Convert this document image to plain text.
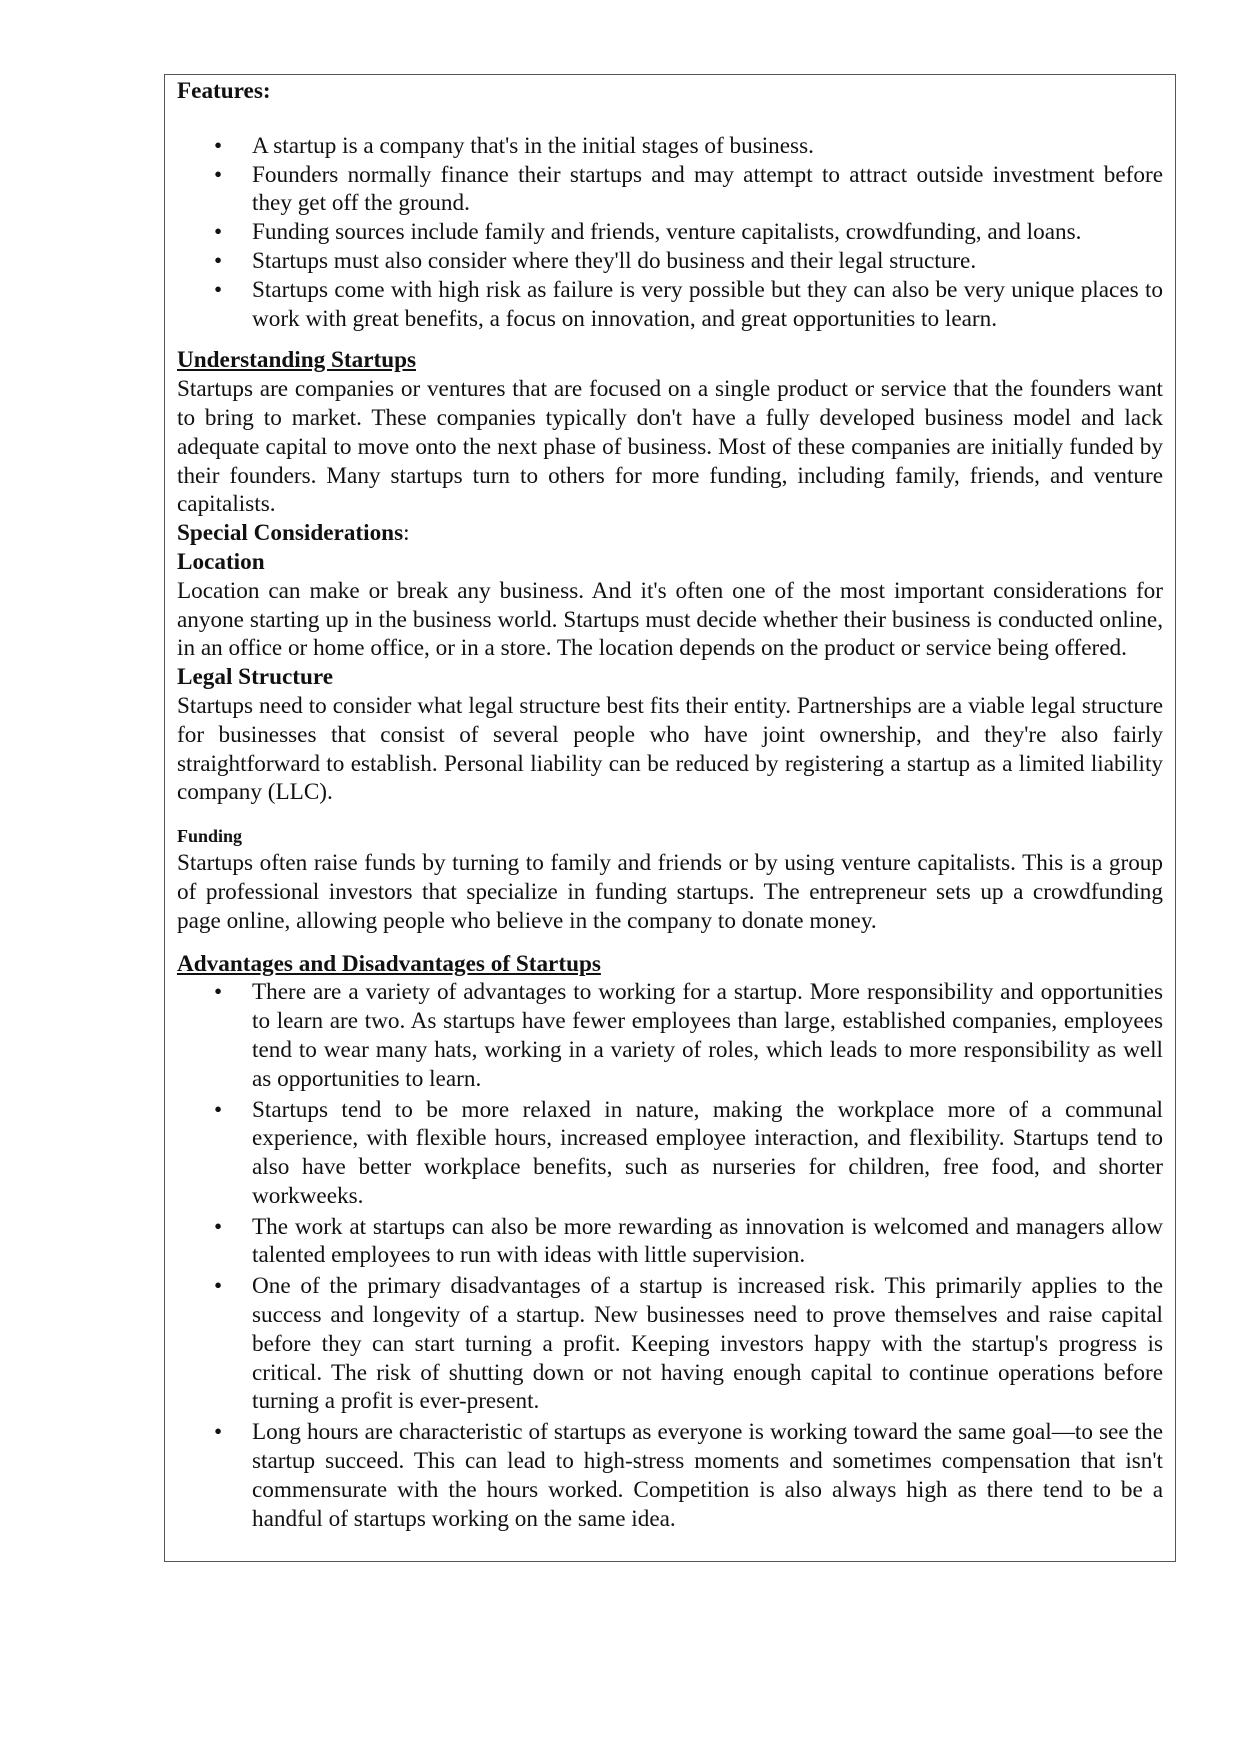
Features:

• A startup is a company that's in the initial stages of business.
• Founders normally finance their startups and may attempt to attract outside investment before they get off the ground.
• Funding sources include family and friends, venture capitalists, crowdfunding, and loans.
• Startups must also consider where they'll do business and their legal structure.
• Startups come with high risk as failure is very possible but they can also be very unique places to work with great benefits, a focus on innovation, and great opportunities to learn.

Understanding Startups

Startups are companies or ventures that are focused on a single product or service that the founders want to bring to market. These companies typically don't have a fully developed business model and lack adequate capital to move onto the next phase of business. Most of these companies are initially funded by their founders. Many startups turn to others for more funding, including family, friends, and venture capitalists.

Special Considerations:

Location

Location can make or break any business. And it's often one of the most important considerations for anyone starting up in the business world. Startups must decide whether their business is conducted online, in an office or home office, or in a store. The location depends on the product or service being offered.

Legal Structure

Startups need to consider what legal structure best fits their entity. Partnerships are a viable legal structure for businesses that consist of several people who have joint ownership, and they're also fairly straightforward to establish. Personal liability can be reduced by registering a startup as a limited liability company (LLC).

Funding

Startups often raise funds by turning to family and friends or by using venture capitalists. This is a group of professional investors that specialize in funding startups. The entrepreneur sets up a crowdfunding page online, allowing people who believe in the company to donate money.

Advantages and Disadvantages of Startups

• There are a variety of advantages to working for a startup. More responsibility and opportunities to learn are two. As startups have fewer employees than large, established companies, employees tend to wear many hats, working in a variety of roles, which leads to more responsibility as well as opportunities to learn.
• Startups tend to be more relaxed in nature, making the workplace more of a communal experience, with flexible hours, increased employee interaction, and flexibility. Startups tend to also have better workplace benefits, such as nurseries for children, free food, and shorter workweeks.
• The work at startups can also be more rewarding as innovation is welcomed and managers allow talented employees to run with ideas with little supervision.
• One of the primary disadvantages of a startup is increased risk. This primarily applies to the success and longevity of a startup. New businesses need to prove themselves and raise capital before they can start turning a profit. Keeping investors happy with the startup's progress is critical. The risk of shutting down or not having enough capital to continue operations before turning a profit is ever-present.
• Long hours are characteristic of startups as everyone is working toward the same goal—to see the startup succeed. This can lead to high-stress moments and sometimes compensation that isn't commensurate with the hours worked. Competition is also always high as there tend to be a handful of startups working on the same idea.
